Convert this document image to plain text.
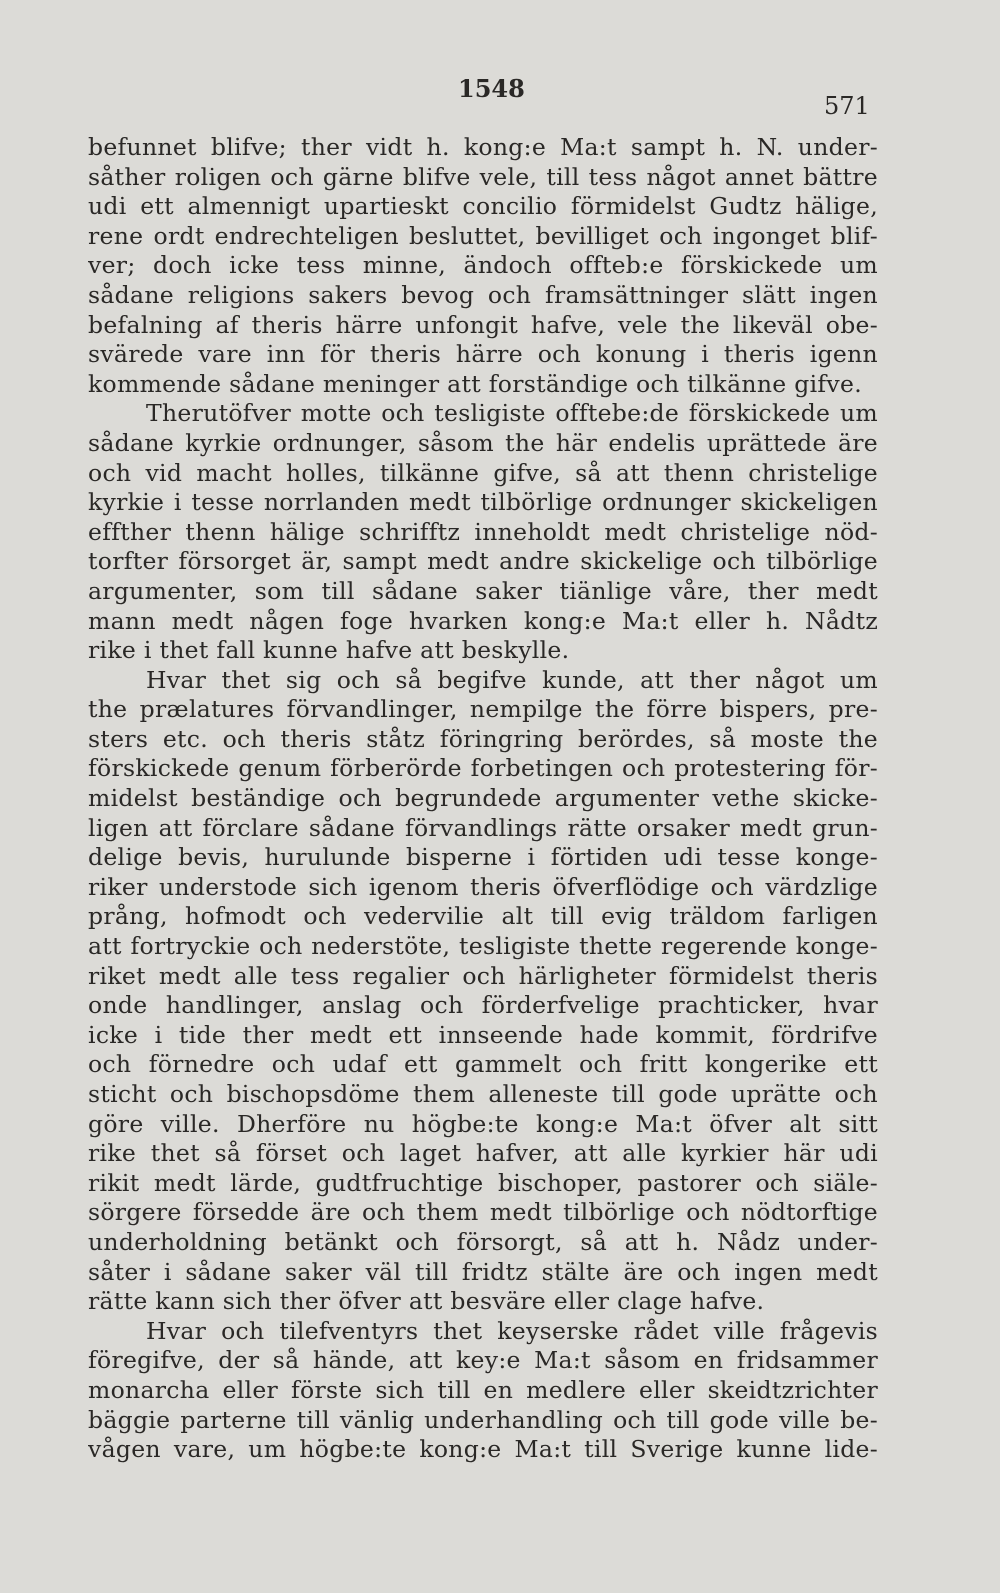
1548
571
befunnet blifve; ther vidt h. kong:e Ma:t sampt h. N. under-
såther roligen och gärne blifve vele, till tess något annet bättre
udi ett almennigt upartieskt concilio förmidelst Gudtz hälige,
rene ordt endrechteligen besluttet, bevilliget och ingonget blif-
ver; doch icke tess minne, ändoch offteb:e förskickede um
sådane religions sakers bevog och framsättninger slätt ingen
befalning af theris härre unfongit hafve, vele the likeväl obe-
svärede vare inn för theris härre och konung i theris igenn
kommende sådane meninger att forständige och tilkänne gifve.
Therutöfver motte och tesligiste offtebe:de förskickede um
sådane kyrkie ordnunger, såsom the här endelis uprättede äre
och vid macht holles, tilkänne gifve, så att thenn christelige
kyrkie i tesse norrlanden medt tilbörlige ordnunger skickeligen
effther thenn hälige schrifftz inneholdt medt christelige nöd-
torfter försorget är, sampt medt andre skickelige och tilbörlige
argumenter, som till sådane saker tiänlige våre, ther medt
mann medt någen foge hvarken kong:e Ma:t eller h. Nådtz
rike i thet fall kunne hafve att beskylle.
Hvar thet sig och så begifve kunde, att ther något um
the prælatures förvandlinger, nempilge the förre bispers, pre-
sters etc. och theris ståtz föringring berördes, så moste the
förskickede genum förberörde forbetingen och protestering för-
midelst beständige och begrundede argumenter vethe skicke-
ligen att förclare sådane förvandlings rätte orsaker medt grun-
delige bevis, hurulunde bisperne i förtiden udi tesse konge-
riker understode sich igenom theris öfverflödige och värdzlige
prång, hofmodt och vedervilie alt till evig träldom farligen
att fortryckie och nederstöte, tesligiste thette regerende konge-
riket medt alle tess regalier och härligheter förmidelst theris
onde handlinger, anslag och förderfvelige prachticker, hvar
icke i tide ther medt ett innseende hade kommit, fördrifve
och förnedre och udaf ett gammelt och fritt kongerike ett
sticht och bischopsdöme them alleneste till gode uprätte och
göre ville. Dherföre nu högbe:te kong:e Ma:t öfver alt sitt
rike thet så förset och laget hafver, att alle kyrkier här udi
rikit medt lärde, gudtfruchtige bischoper, pastorer och siäle-
sörgere försedde äre och them medt tilbörlige och nödtorftige
underholdning betänkt och försorgt, så att h. Nådz under-
såter i sådane saker väl till fridtz stälte äre och ingen medt
rätte kann sich ther öfver att besväre eller clage hafve.
Hvar och tilefventyrs thet keyserske rådet ville frågevis
föregifve, der så hände, att key:e Ma:t såsom en fridsammer
monarcha eller förste sich till en medlere eller skeidtzrichter
bäggie parterne till vänlig underhandling och till gode ville be-
vågen vare, um högbe:te kong:e Ma:t till Sverige kunne lide-
